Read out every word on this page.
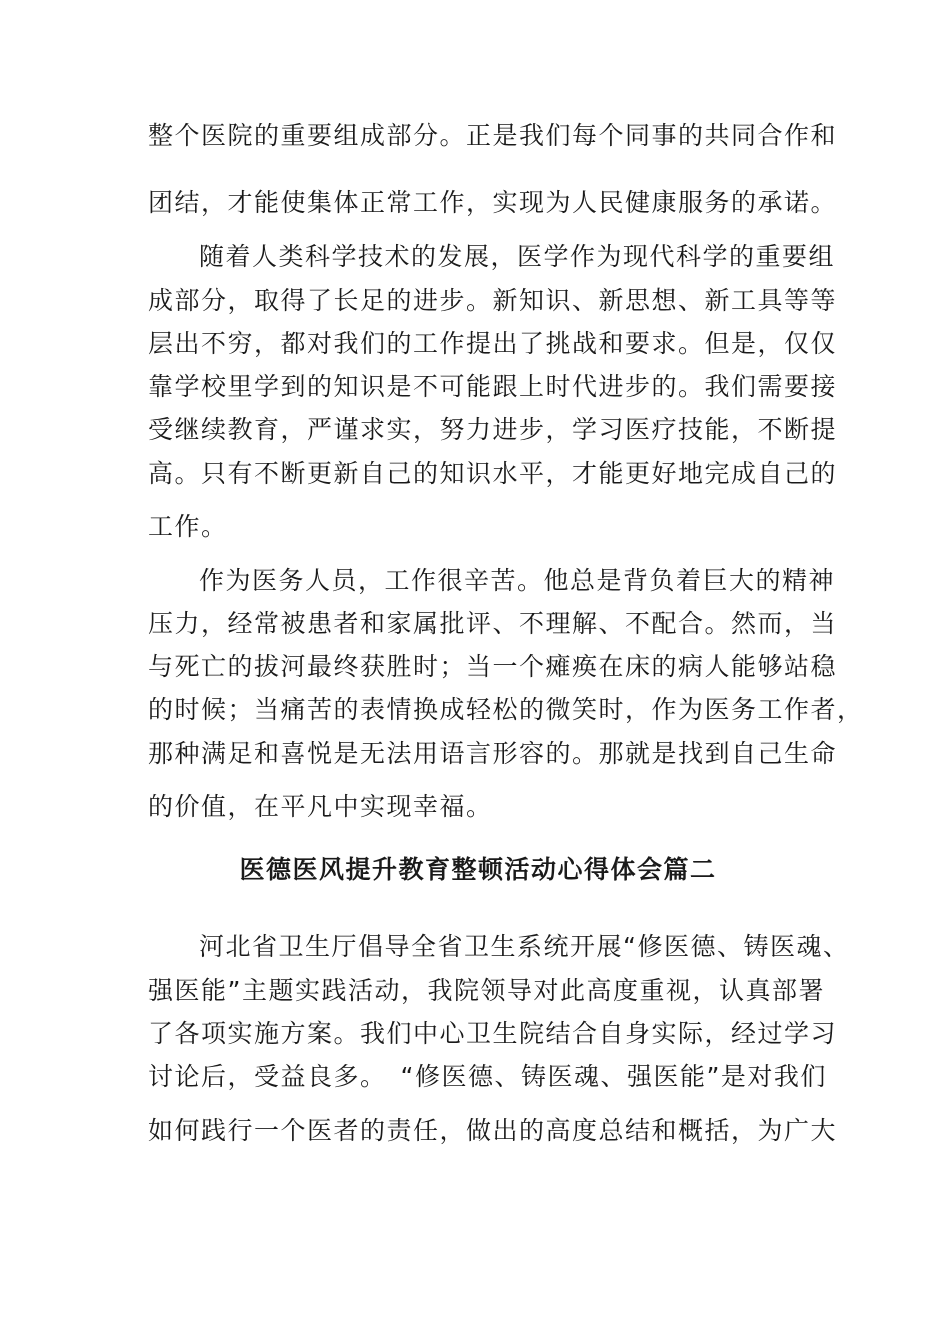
整个医院的重要组成部分。正是我们每个同事的共同合作和
团结，才能使集体正常工作，实现为人民健康服务的承诺。
随着人类科学技术的发展，医学作为现代科学的重要组
成部分，取得了长足的进步。新知识、新思想、新工具等等
层出不穷，都对我们的工作提出了挑战和要求。但是，仅仅
靠学校里学到的知识是不可能跟上时代进步的。我们需要接
受继续教育，严谨求实，努力进步，学习医疗技能，不断提
高。只有不断更新自己的知识水平，才能更好地完成自己的
工作。
作为医务人员，工作很辛苦。他总是背负着巨大的精神
压力，经常被患者和家属批评、不理解、不配合。然而，当
与死亡的拔河最终获胜时；当一个瘫痪在床的病人能够站稳
的时候；当痛苦的表情换成轻松的微笑时，作为医务工作者，
那种满足和喜悦是无法用语言形容的。那就是找到自己生命
的价值，在平凡中实现幸福。
医德医风提升教育整顿活动心得体会篇二
河北省卫生厅倡导全省卫生系统开展“修医德、铸医魂、
强医能”主题实践活动，我院领导对此高度重视，认真部署
了各项实施方案。我们中心卫生院结合自身实际，经过学习
讨论后，受益良多。　“修医德、铸医魂、强医能”是对我们
如何践行一个医者的责任，做出的高度总结和概括，为广大
